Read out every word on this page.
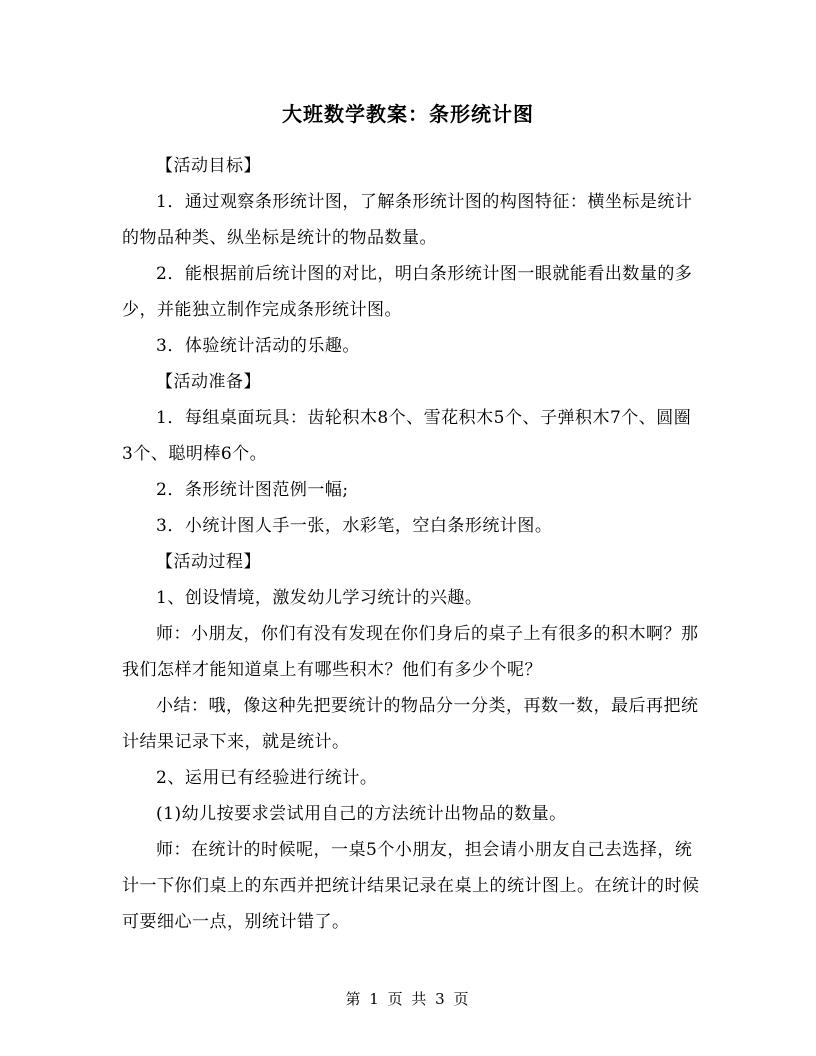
大班数学教案：条形统计图

【活动目标】

1．通过观察条形统计图，了解条形统计图的构图特征：横坐标是统计的物品种类、纵坐标是统计的物品数量。

2．能根据前后统计图的对比，明白条形统计图一眼就能看出数量的多少，并能独立制作完成条形统计图。

3．体验统计活动的乐趣。

【活动准备】

1．每组桌面玩具：齿轮积木8个、雪花积木5个、子弹积木7个、圆圈3个、聪明棒6个。

2．条形统计图范例一幅;

3．小统计图人手一张，水彩笔，空白条形统计图。

【活动过程】

1、创设情境，激发幼儿学习统计的兴趣。

师：小朋友，你们有没有发现在你们身后的桌子上有很多的积木啊？那我们怎样才能知道桌上有哪些积木？他们有多少个呢？

小结：哦，像这种先把要统计的物品分一分类，再数一数，最后再把统计结果记录下来，就是统计。

2、运用已有经验进行统计。

(1)幼儿按要求尝试用自己的方法统计出物品的数量。

师：在统计的时候呢，一桌5个小朋友，担会请小朋友自己去选择，统计一下你们桌上的东西并把统计结果记录在桌上的统计图上。在统计的时候可要细心一点，别统计错了。

第 1 页 共 3 页
